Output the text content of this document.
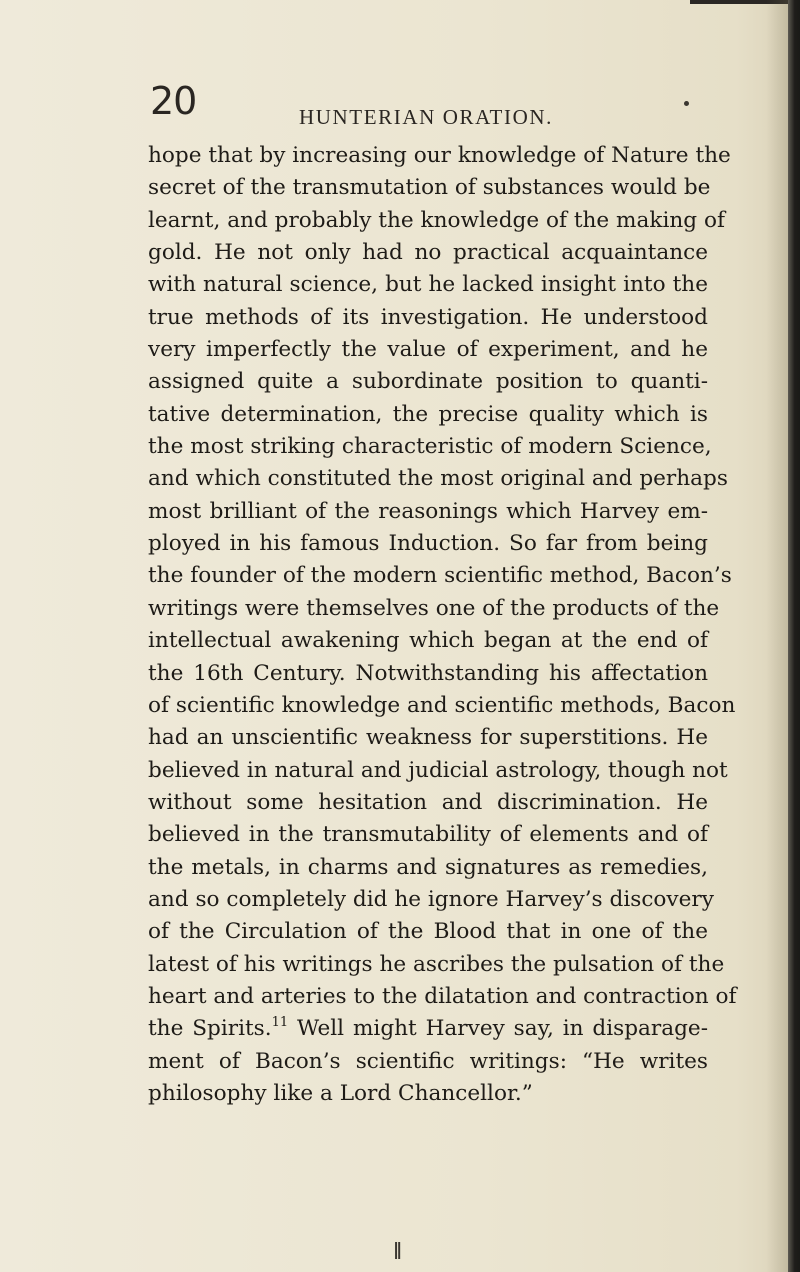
20	HUNTERIAN ORATION.
hope that by increasing our knowledge of Nature the
secret of the transmutation of substances would be
learnt, and probably the knowledge of the making of
gold. He not only had no practical acquaintance
with natural science, but he lacked insight into the
true methods of its investigation. He understood
very imperfectly the value of experiment, and he
assigned quite a subordinate position to quanti-
tative determination, the precise quality which is
the most striking characteristic of modern Science,
and which constituted the most original and perhaps
most brilliant of the reasonings which Harvey em-
ployed in his famous Induction. So far from being
the founder of the modern scientific method, Bacon’s
writings were themselves one of the products of the
intellectual awakening which began at the end of
the 16th Century. Notwithstanding his affectation
of scientific knowledge and scientific methods, Bacon
had an unscientific weakness for superstitions. He
believed in natural and judicial astrology, though not
without some hesitation and discrimination. He
believed in the transmutability of elements and of
the metals, in charms and signatures as remedies,
and so completely did he ignore Harvey’s discovery
of the Circulation of the Blood that in one of the
latest of his writings he ascribes the pulsation of the
heart and arteries to the dilatation and contraction of
the Spirits.$^{11}$ Well might Harvey say, in disparage-
ment of Bacon’s scientific writings: “He writes
philosophy like a Lord Chancellor.”
ll
